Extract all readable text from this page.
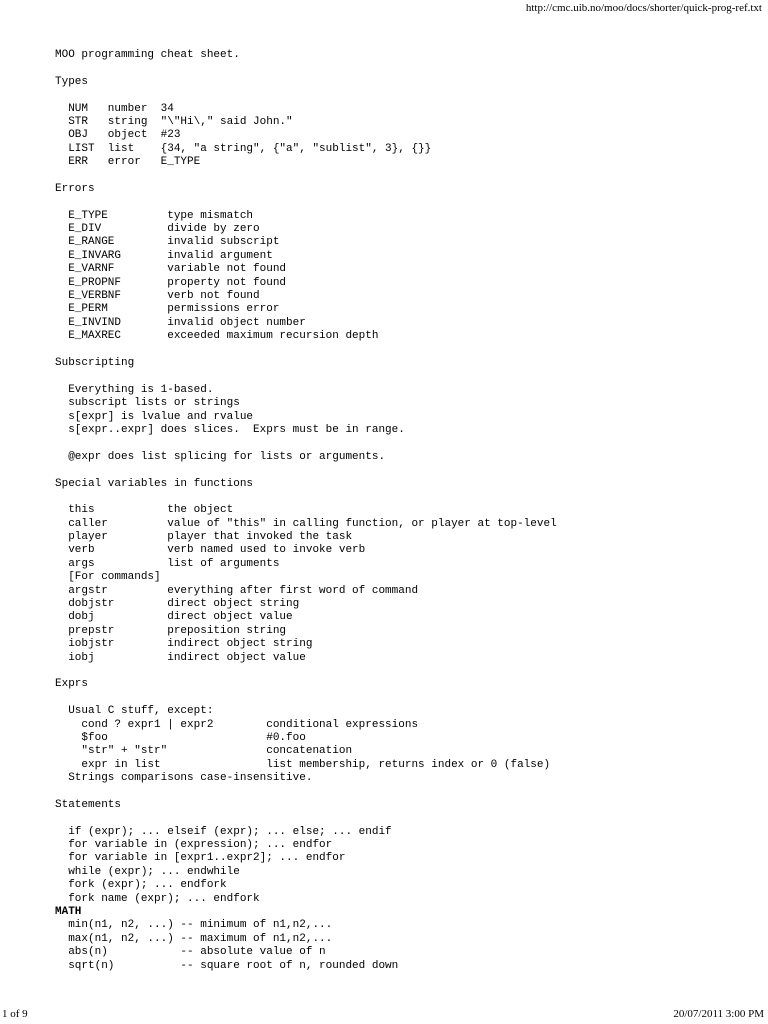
http://cmc.uib.no/moo/docs/shorter/quick-prog-ref.txt
MOO programming cheat sheet.
Types
NUM   number  34
STR   string  "\"Hi\," said John."
OBJ   object  #23
LIST  list    {34, "a string", {"a", "sublist", 3}, {}}
ERR   error   E_TYPE
Errors
E_TYPE         type mismatch
E_DIV          divide by zero
E_RANGE        invalid subscript
E_INVARG       invalid argument
E_VARNF        variable not found
E_PROPNF       property not found
E_VERBNF       verb not found
E_PERM         permissions error
E_INVIND       invalid object number
E_MAXREC       exceeded maximum recursion depth
Subscripting
Everything is 1-based.
subscript lists or strings
s[expr] is lvalue and rvalue
s[expr..expr] does slices.  Exprs must be in range.
@expr does list splicing for lists or arguments.
Special variables in functions
this           the object
caller         value of "this" in calling function, or player at top-level
player         player that invoked the task
verb           verb named used to invoke verb
args           list of arguments
[For commands]
argstr         everything after first word of command
dobjstr        direct object string
dobj           direct object value
prepstr        preposition string
iobjstr        indirect object string
iobj           indirect object value
Exprs
Usual C stuff, except:
cond ? expr1 | expr2        conditional expressions
$foo                        #0.foo
"str" + "str"               concatenation
expr in list                list membership, returns index or 0 (false)
Strings comparisons case-insensitive.
Statements
if (expr); ... elseif (expr); ... else; ... endif
for variable in (expression); ... endfor
for variable in [expr1..expr2]; ... endfor
while (expr); ... endwhile
fork (expr); ... endfork
fork name (expr); ... endfork
MATH
min(n1, n2, ...) -- minimum of n1,n2,...
max(n1, n2, ...) -- maximum of n1,n2,...
abs(n)           -- absolute value of n
sqrt(n)          -- square root of n, rounded down
1 of 9	20/07/2011 3:00 PM
